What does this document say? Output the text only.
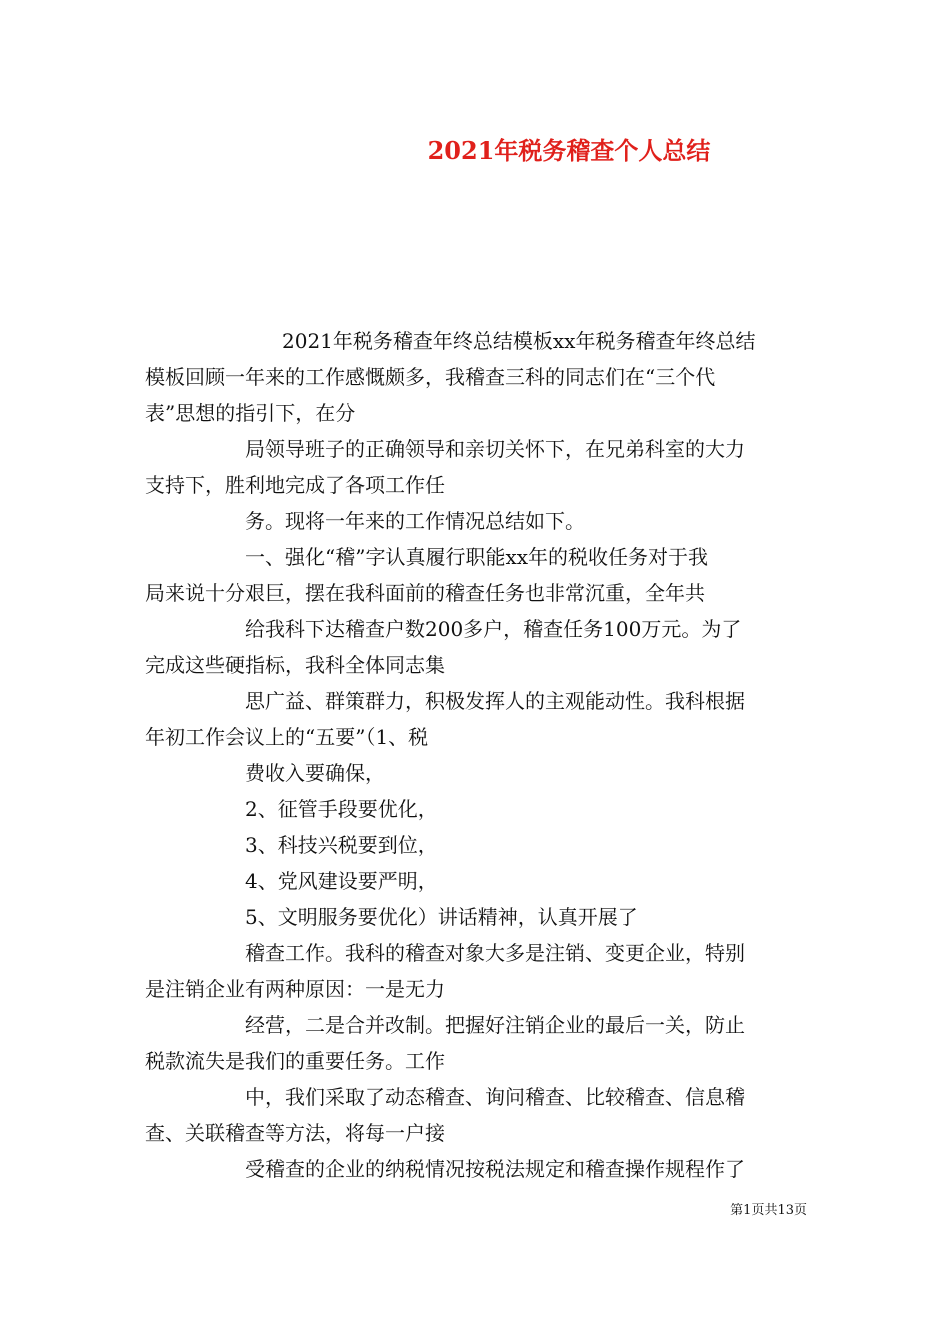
2021年税务稽查个人总结
2021年税务稽查年终总结模板xx年税务稽查年终总结
模板回顾一年来的工作感慨颇多，我稽查三科的同志们在“三个代
表”思想的指引下，在分
局领导班子的正确领导和亲切关怀下，在兄弟科室的大力
支持下，胜利地完成了各项工作任
务。现将一年来的工作情况总结如下。
一、强化“稽”字认真履行职能xx年的税收任务对于我
局来说十分艰巨，摆在我科面前的稽查任务也非常沉重，全年共
给我科下达稽查户数200多户，稽查任务100万元。为了
完成这些硬指标，我科全体同志集
思广益、群策群力，积极发挥人的主观能动性。我科根据
年初工作会议上的“五要”（1、税
费收入要确保，
2、征管手段要优化，
3、科技兴税要到位，
4、党风建设要严明，
5、文明服务要优化）讲话精神，认真开展了
稽查工作。我科的稽查对象大多是注销、变更企业，特别
是注销企业有两种原因：一是无力
经营，二是合并改制。把握好注销企业的最后一关，防止
税款流失是我们的重要任务。工作
中，我们采取了动态稽查、询问稽查、比较稽查、信息稽
查、关联稽查等方法，将每一户接
受稽查的企业的纳税情况按税法规定和稽查操作规程作了
第1页共13页
